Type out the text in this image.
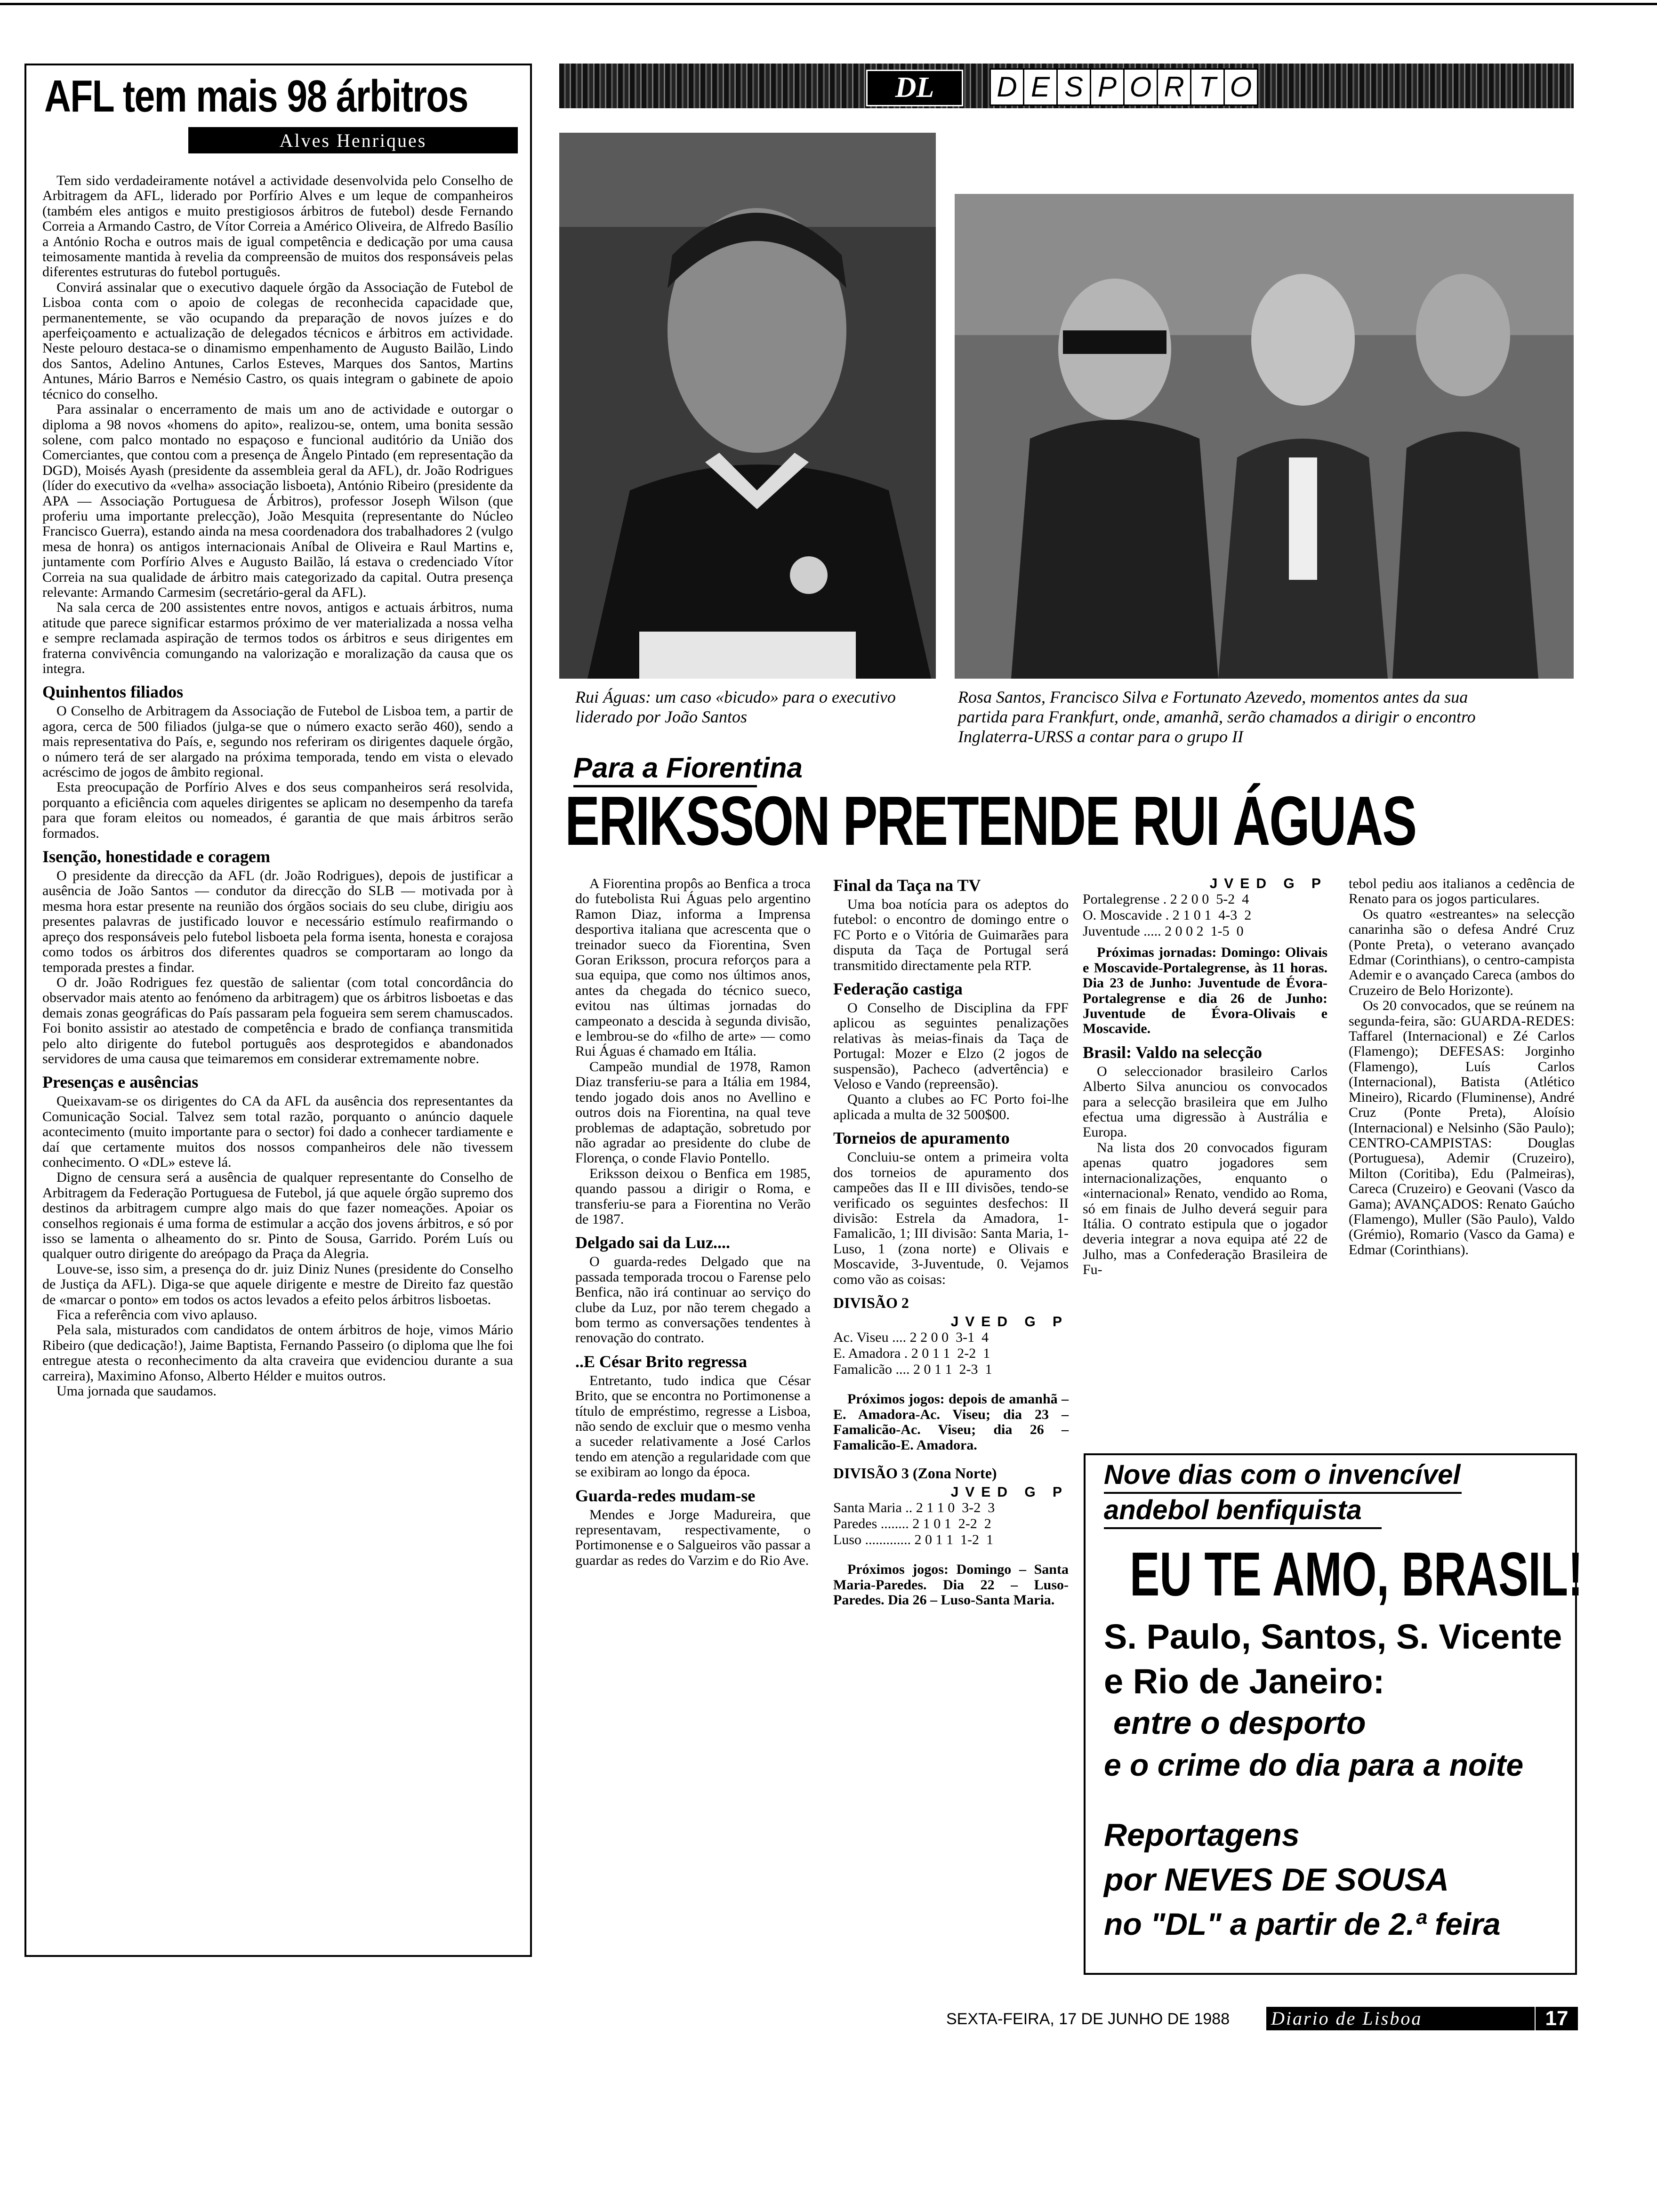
AFL tem mais 98 árbitros
Alves Henriques

Tem sido verdadeiramente notável a actividade desenvolvida pelo Conselho de Arbitragem da AFL, liderado por Porfírio Alves e um leque de companheiros (também eles antigos e muito prestigiosos árbitros de futebol) desde Fernando Correia a Armando Castro, de Vítor Correia a Américo Oliveira, de Alfredo Basílio a António Rocha e outros mais de igual competência e dedicação por uma causa teimosamente mantida à revelia da compreensão de muitos dos responsáveis pelas diferentes estruturas do futebol português.

Convirá assinalar que o executivo daquele órgão da Associação de Futebol de Lisboa conta com o apoio de colegas de reconhecida capacidade que, permanentemente, se vão ocupando da preparação de novos juízes e do aperfeiçoamento e actualização de delegados técnicos e árbitros em actividade. Neste pelouro destaca-se o dinamismo empenhamento de Augusto Bailão, Lindo dos Santos, Adelino Antunes, Carlos Esteves, Marques dos Santos, Martins Antunes, Mário Barros e Nemésio Castro, os quais integram o gabinete de apoio técnico do conselho.

Para assinalar o encerramento de mais um ano de actividade e outorgar o diploma a 98 novos «homens do apito», realizou-se, ontem, uma bonita sessão solene, com palco montado no espaçoso e funcional auditório da União dos Comerciantes, que contou com a presença de Ângelo Pintado (em representação da DGD), Moisés Ayash (presidente da assembleia geral da AFL), dr. João Rodrigues (líder do executivo da «velha» associação lisboeta), António Ribeiro (presidente da APA — Associação Portuguesa de Árbitros), professor Joseph Wilson (que proferiu uma importante prelecção), João Mesquita (representante do Núcleo Francisco Guerra), estando ainda na mesa coordenadora dos trabalhadores 2 (vulgo mesa de honra) os antigos internacionais Aníbal de Oliveira e Raul Martins e, juntamente com Porfírio Alves e Augusto Bailão, lá estava o credenciado Vítor Correia na sua qualidade de árbitro mais categorizado da capital. Outra presença relevante: Armando Carmesim (secretário-geral da AFL).

Na sala cerca de 200 assistentes entre novos, antigos e actuais árbitros, numa atitude que parece significar estarmos próximo de ver materializada a nossa velha e sempre reclamada aspiração de termos todos os árbitros e seus dirigentes em fraterna convivência comungando na valorização e moralização da causa que os integra.

Quinhentos filiados

O Conselho de Arbitragem da Associação de Futebol de Lisboa tem, a partir de agora, cerca de 500 filiados (julga-se que o número exacto serão 460), sendo a mais representativa do País, e, segundo nos referiram os dirigentes daquele órgão, o número terá de ser alargado na próxima temporada, tendo em vista o elevado acréscimo de jogos de âmbito regional.

Esta preocupação de Porfírio Alves e dos seus companheiros será resolvida, porquanto a eficiência com aqueles dirigentes se aplicam no desempenho da tarefa para que foram eleitos ou nomeados, é garantia de que mais árbitros serão formados.

Isenção, honestidade e coragem

O presidente da direcção da AFL (dr. João Rodrigues), depois de justificar a ausência de João Santos — condutor da direcção do SLB — motivada por à mesma hora estar presente na reunião dos órgãos sociais do seu clube, dirigiu aos presentes palavras de justificado louvor e necessário estímulo reafirmando o apreço dos responsáveis pelo futebol lisboeta pela forma isenta, honesta e corajosa como todos os árbitros dos diferentes quadros se comportaram ao longo da temporada prestes a findar.

O dr. João Rodrigues fez questão de salientar (com total concordância do observador mais atento ao fenómeno da arbitragem) que os árbitros lisboetas e das demais zonas geográficas do País passaram pela fogueira sem serem chamuscados. Foi bonito assistir ao atestado de competência e brado de confiança transmitida pelo alto dirigente do futebol português aos desprotegidos e abandonados servidores de uma causa que teimaremos em considerar extremamente nobre.

Presenças e ausências

Queixavam-se os dirigentes do CA da AFL da ausência dos representantes da Comunicação Social. Talvez sem total razão, porquanto o anúncio daquele acontecimento (muito importante para o sector) foi dado a conhecer tardiamente e daí que certamente muitos dos nossos companheiros dele não tivessem conhecimento. O «DL» esteve lá.

Digno de censura será a ausência de qualquer representante do Conselho de Arbitragem da Federação Portuguesa de Futebol, já que aquele órgão supremo dos destinos da arbitragem cumpre algo mais do que fazer nomeações. Apoiar os conselhos regionais é uma forma de estimular a acção dos jovens árbitros, e só por isso se lamenta o alheamento do sr. Pinto de Sousa, Garrido. Porém Luís ou qualquer outro dirigente do areópago da Praça da Alegria.

Louve-se, isso sim, a presença do dr. juiz Diniz Nunes (presidente do Conselho de Justiça da AFL). Diga-se que aquele dirigente e mestre de Direito faz questão de «marcar o ponto» em todos os actos levados a efeito pelos árbitros lisboetas.

Fica a referência com vivo aplauso.

Pela sala, misturados com candidatos de ontem árbitros de hoje, vimos Mário Ribeiro (que dedicação!), Jaime Baptista, Fernando Passeiro (o diploma que lhe foi entregue atesta o reconhecimento da alta craveira que evidenciou durante a sua carreira), Maximino Afonso, Alberto Hélder e muitos outros.

Uma jornada que saudamos.

DL	D E S P O R T O
Rui Águas: um caso «bicudo» para o executivo liderado por João Santos
Rosa Santos, Francisco Silva e Fortunato Azevedo, momentos antes da sua partida para Frankfurt, onde, amanhã, serão chamados a dirigir o encontro Inglaterra-URSS a contar para o grupo II
Para a Fiorentina
ERIKSSON PRETENDE RUI ÁGUAS

A Fiorentina propôs ao Benfica a troca do futebolista Rui Águas pelo argentino Ramon Diaz, informa a Imprensa desportiva italiana que acrescenta que o treinador sueco da Fiorentina, Sven Goran Eriksson, procura reforços para a sua equipa, que como nos últimos anos, antes da chegada do técnico sueco, evitou nas últimas jornadas do campeonato a descida à segunda divisão, e lembrou-se do «filho de arte» — como Rui Águas é chamado em Itália.

Campeão mundial de 1978, Ramon Diaz transferiu-se para a Itália em 1984, tendo jogado dois anos no Avellino e outros dois na Fiorentina, na qual teve problemas de adaptação, sobretudo por não agradar ao presidente do clube de Florença, o conde Flavio Pontello.

Eriksson deixou o Benfica em 1985, quando passou a dirigir o Roma, e transferiu-se para a Fiorentina no Verão de 1987.

Delgado sai da Luz....

O guarda-redes Delgado que na passada temporada trocou o Farense pelo Benfica, não irá continuar ao serviço do clube da Luz, por não terem chegado a bom termo as conversações tendentes à renovação do contrato.

..E César Brito regressa

Entretanto, tudo indica que César Brito, que se encontra no Portimonense a título de empréstimo, regresse a Lisboa, não sendo de excluir que o mesmo venha a suceder relativamente a José Carlos tendo em atenção a regularidade com que se exibiram ao longo da época.

Guarda-redes mudam-se

Mendes e Jorge Madureira, que representavam, respectivamente, o Portimonense e o Salgueiros vão passar a guardar as redes do Varzim e do Rio Ave.

Final da Taça na TV

Uma boa notícia para os adeptos do futebol: o encontro de domingo entre o FC Porto e o Vitória de Guimarães para disputa da Taça de Portugal será transmitido directamente pela RTP.

Federação castiga

O Conselho de Disciplina da FPF aplicou as seguintes penalizações relativas às meias-finais da Taça de Portugal: Mozer e Elzo (2 jogos de suspensão), Pacheco (advertência) e Veloso e Vando (repreensão).

Quanto a clubes ao FC Porto foi-lhe aplicada a multa de 32 500$00.

Torneios de apuramento

Concluiu-se ontem a primeira volta dos torneios de apuramento dos campeões das II e III divisões, tendo-se verificado os seguintes desfechos: II divisão: Estrela da Amadora, 1-Famalicão, 1; III divisão: Santa Maria, 1-Luso, 1 (zona norte) e Olivais e Moscavide, 3-Juventude, 0. Vejamos como vão as coisas:

DIVISÃO 2
JVED G P
Ac. Viseu .... 2 2 0 0  3-1  4
E. Amadora . 2 0 1 1  2-2  1
Famalicão .... 2 0 1 1  2-3  1

Próximos jogos: depois de amanhã – E. Amadora-Ac. Viseu; dia 23 – Famalicão-Ac. Viseu; dia 26 – Famalicão-E. Amadora.

DIVISÃO 3 (Zona Norte)
JVED G P
Santa Maria .. 2 1 1 0  3-2  3
Paredes ........ 2 1 0 1  2-2  2
Luso ............. 2 0 1 1  1-2  1

Próximos jogos: Domingo – Santa Maria-Paredes. Dia 22 – Luso-Paredes. Dia 26 – Luso-Santa Maria.

JVED G P
Portalegrense . 2 2 0 0  5-2  4
O. Moscavide . 2 1 0 1  4-3  2
Juventude ..... 2 0 0 2  1-5  0

Próximas jornadas: Domingo: Olivais e Moscavide-Portalegrense, às 11 horas. Dia 23 de Junho: Juventude de Évora-Portalegrense e dia 26 de Junho: Juventude de Évora-Olivais e Moscavide.

Brasil: Valdo na selecção

O seleccionador brasileiro Carlos Alberto Silva anunciou os convocados para a selecção brasileira que em Julho efectua uma digressão à Austrália e Europa.

Na lista dos 20 convocados figuram apenas quatro jogadores sem internacionalizações, enquanto o «internacional» Renato, vendido ao Roma, só em finais de Julho deverá seguir para Itália. O contrato estipula que o jogador deveria integrar a nova equipa até 22 de Julho, mas a Confederação Brasileira de Fu-

tebol pediu aos italianos a cedência de Renato para os jogos particulares.

Os quatro «estreantes» na selecção canarinha são o defesa André Cruz (Ponte Preta), o veterano avançado Edmar (Corinthians), o centro-campista Ademir e o avançado Careca (ambos do Cruzeiro de Belo Horizonte).

Os 20 convocados, que se reúnem na segunda-feira, são: GUARDA-REDES: Taffarel (Internacional) e Zé Carlos (Flamengo); DEFESAS: Jorginho (Flamengo), Luís Carlos (Internacional), Batista (Atlético Mineiro), Ricardo (Fluminense), André Cruz (Ponte Preta), Aloísio (Internacional) e Nelsinho (São Paulo); CENTRO-CAMPISTAS: Douglas (Portuguesa), Ademir (Cruzeiro), Milton (Coritiba), Edu (Palmeiras), Careca (Cruzeiro) e Geovani (Vasco da Gama); AVANÇADOS: Renato Gaúcho (Flamengo), Muller (São Paulo), Valdo (Grémio), Romario (Vasco da Gama) e Edmar (Corinthians).

Nove dias com o invencível
andebol benfiquista
EU TE AMO, BRASIL!
S. Paulo, Santos, S. Vicente
e Rio de Janeiro:
entre o desporto
e o crime do dia para a noite
Reportagens
por NEVES DE SOUSA
no "DL" a partir de 2.ª feira
SEXTA-FEIRA, 17 DE JUNHO DE 1988 Diario de Lisboa	17
